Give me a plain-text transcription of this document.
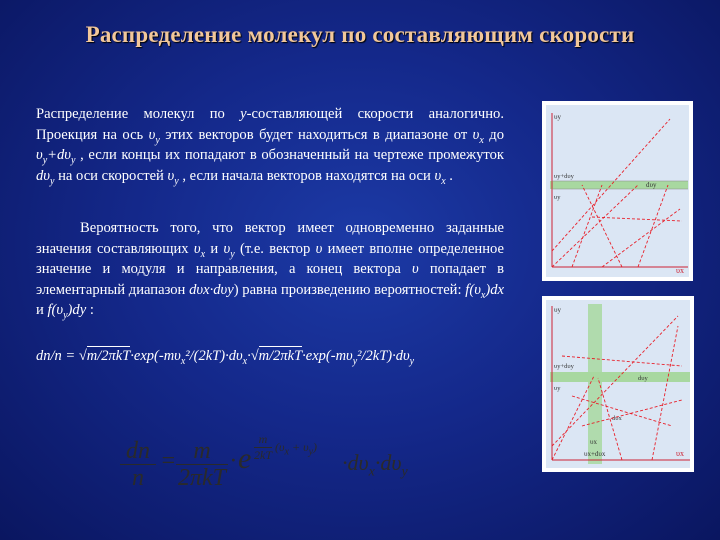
Распределение молекул по составляющим скорости

Распределение молекул по y-составляющей скорости аналогично. Проекция на ось $\upsilon_y$ этих векторов будет находиться в диапазоне от $\upsilon_x$ до $\upsilon_y+d\upsilon_y$ , если концы их попадают в обозначенный на чертеже промежуток $d\upsilon_y$ на оси скоростей $\upsilon_y$ , если начала векторов находятся на оси $\upsilon_x$ .

Вероятность того, что вектор имеет одновременно заданные значения составляющих $\upsilon_x$ и $\upsilon_y$ (т.е. вектор υ имеет вполне определенное значение и модуля и направления, а конец вектора υ попадает в элементарный диапазон dυx·dυy) равна произведению вероятностей: $f(\upsilon_x)dx$ и $f(\upsilon_y)dy$ :

$dn/n = √m/2\pi kT\cdot\exp(-m\upsilon_x^2/(2kT)\cdot d\upsilon_x\cdot√m/2\pi kT\cdot\exp(-m\upsilon_y^2/2kT)\cdot d\upsilon_y$
dn
n
= m
2πkT
· e $\frac{m}{2kT} (\upsilon_x + \upsilon_y)$
$\cdot d\upsilon_x\cdot d\upsilon_y$
υy
υx
υy+dυy
υy
dυy
υy
υx
υy+dυy
υy
dυy
υx
υx+dυx
dυx
